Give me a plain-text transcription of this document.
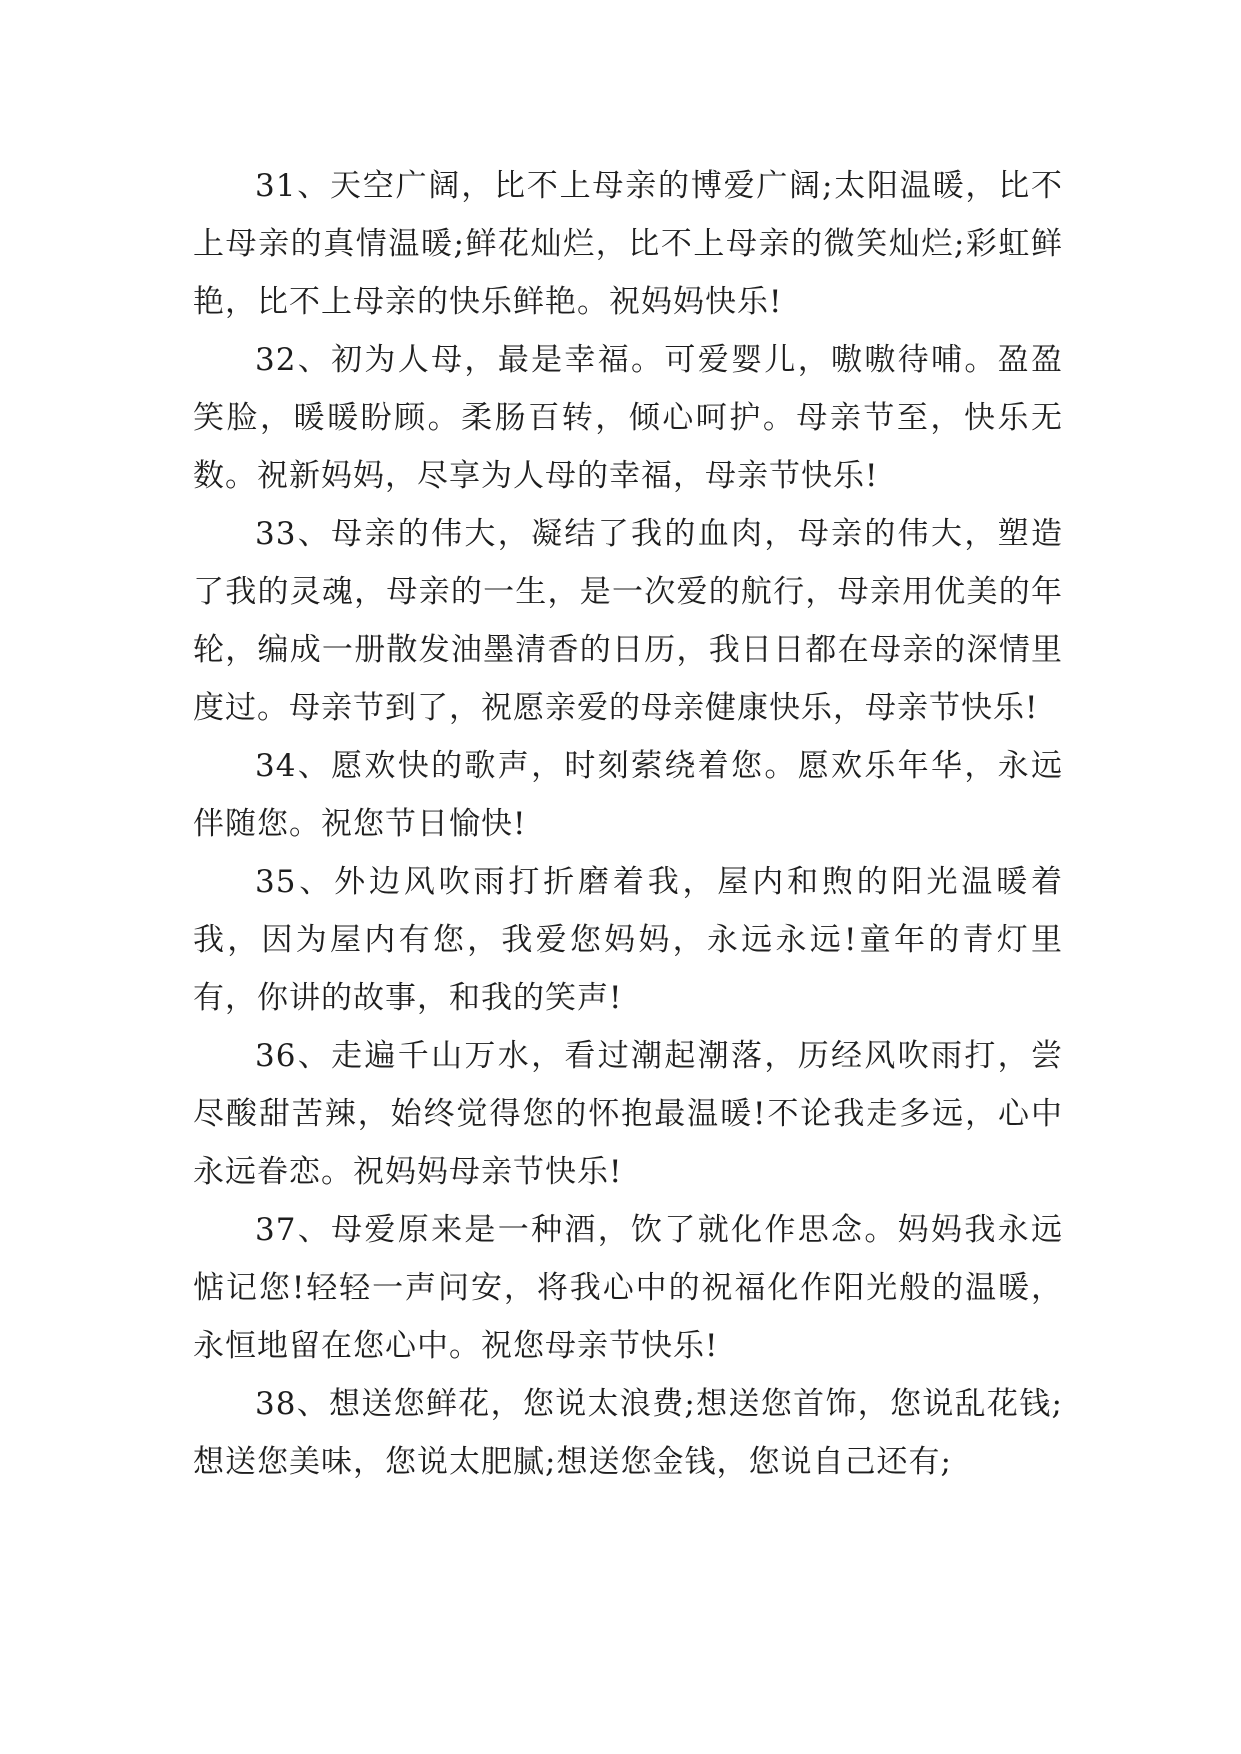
31、天空广阔，比不上母亲的博爱广阔;太阳温暖，比不上母亲的真情温暖;鲜花灿烂，比不上母亲的微笑灿烂;彩虹鲜艳，比不上母亲的快乐鲜艳。祝妈妈快乐!

32、初为人母，最是幸福。可爱婴儿，嗷嗷待哺。盈盈笑脸，暖暖盼顾。柔肠百转，倾心呵护。母亲节至，快乐无数。祝新妈妈，尽享为人母的幸福，母亲节快乐!

33、母亲的伟大，凝结了我的血肉，母亲的伟大，塑造了我的灵魂，母亲的一生，是一次爱的航行，母亲用优美的年轮，编成一册散发油墨清香的日历，我日日都在母亲的深情里度过。母亲节到了，祝愿亲爱的母亲健康快乐，母亲节快乐!

34、愿欢快的歌声，时刻萦绕着您。愿欢乐年华，永远伴随您。祝您节日愉快!

35、外边风吹雨打折磨着我，屋内和煦的阳光温暖着我，因为屋内有您，我爱您妈妈，永远永远!童年的青灯里有，你讲的故事，和我的笑声!

36、走遍千山万水，看过潮起潮落，历经风吹雨打，尝尽酸甜苦辣，始终觉得您的怀抱最温暖!不论我走多远，心中永远眷恋。祝妈妈母亲节快乐!

37、母爱原来是一种酒，饮了就化作思念。妈妈我永远惦记您!轻轻一声问安，将我心中的祝福化作阳光般的温暖，永恒地留在您心中。祝您母亲节快乐!

38、想送您鲜花，您说太浪费;想送您首饰，您说乱花钱;想送您美味，您说太肥腻;想送您金钱，您说自己还有;
